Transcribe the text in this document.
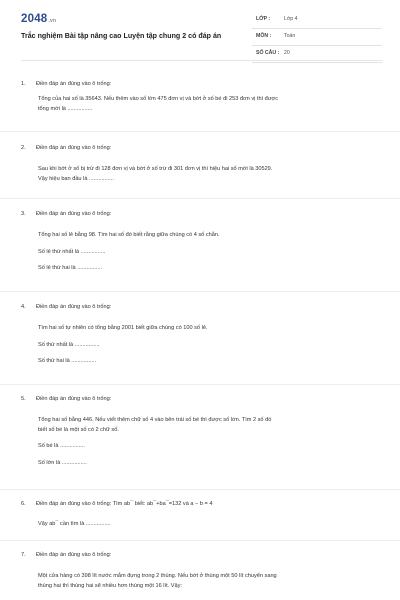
2048.vn
Trắc nghiệm Bài tập nâng cao Luyện tập chung 2 có đáp án
LỚP :	Lớp 4
MÔN : Toán
SỐ CÂU : 20
1. Điền đáp án đúng vào ô trống:
Tổng của hai số là 35643. Nếu thêm vào số lớn 475 đơn vị và bớt ở số bé đi 253 đơn vị thì được
tổng mới là ................
2. Điền đáp án đúng vào ô trống:
Sau khi bớt ở số bị trừ đi 128 đơn vị và bớt ở số trừ đi 301 đơn vị thì hiệu hai số mới là 30529.
Vậy hiệu ban đầu là ................
3. Điền đáp án đúng vào ô trống:
Tổng hai số lẻ bằng 98. Tìm hai số đó biết rằng giữa chúng có 4 số chẵn.
Số lẻ thứ nhất là ................
Số lẻ thứ hai là ................
4. Điền đáp án đúng vào ô trống:
Tìm hai số tự nhiên có tổng bằng 2001 biết giữa chúng có 100 số lẻ.
Số thứ nhất là ................
Số thứ hai là ................
5. Điền đáp án đúng vào ô trống:
Tổng hai số bằng 446. Nếu viết thêm chữ số 4 vào bên trái số bé thì được số lớn. Tìm 2 số đó
biết số bé là một số có 2 chữ số.
Số bé là ................
Số lớn là ................
6. Điền đáp án đúng vào ô trống: Tìm ab¯ biết: ab¯+ba¯=132 và a − b = 4
Vậy ab¯ cần tìm là ................
7. Điền đáp án đúng vào ô trống:
Một cửa hàng có 398 lít nước mắm đựng trong 2 thùng. Nếu bớt ở thùng một 50 lít chuyển sang
thùng hai thì thùng hai sẽ nhiều hơn thùng một 16 lít. Vậy:
